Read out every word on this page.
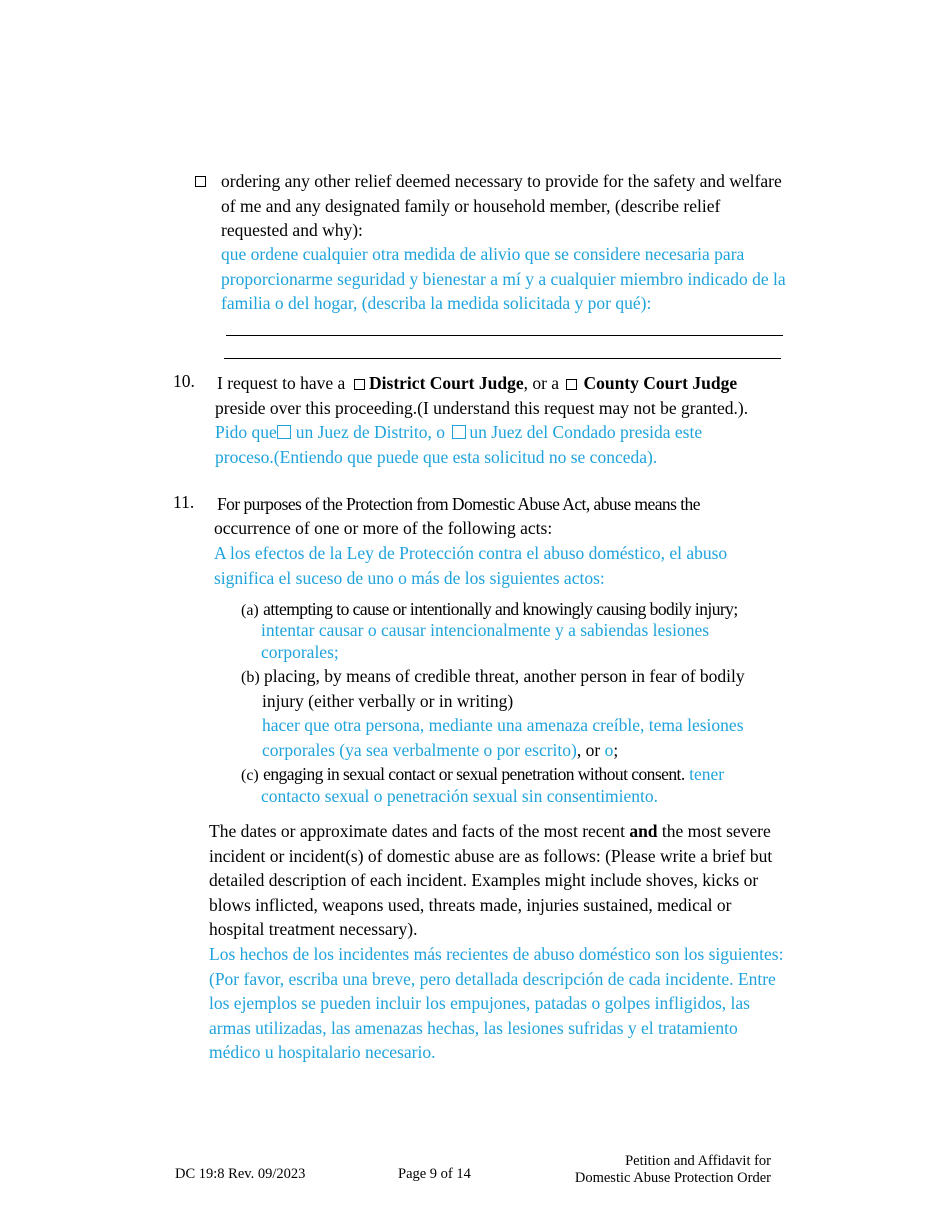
ordering any other relief deemed necessary to provide for the safety and welfare of me and any designated family or household member, (describe relief requested and why):
que ordene cualquier otra medida de alivio que se considere necesaria para proporcionarme seguridad y bienestar a mí y a cualquier miembro indicado de la familia o del hogar, (describa la medida solicitada y por qué):
10. I request to have a District Court Judge, or a County Court Judge
preside over this proceeding.(I understand this request may not be granted.).
Pido que un Juez de Distrito, o un Juez del Condado presida este
proceso.(Entiendo que puede que esta solicitud no se conceda).
11. For purposes of the Protection from Domestic Abuse Act, abuse means the
occurrence of one or more of the following acts:
A los efectos de la Ley de Protección contra el abuso doméstico, el abuso significa el suceso de uno o más de los siguientes actos:
(a) attempting to cause or intentionally and knowingly causing bodily injury;
intentar causar o causar intencionalmente y a sabiendas lesiones corporales;
(b) placing, by means of credible threat, another person in fear of bodily
injury (either verbally or in writing)
hacer que otra persona, mediante una amenaza creíble, tema lesiones
corporales (ya sea verbalmente o por escrito), or o;
(c) engaging in sexual contact or sexual penetration without consent. tener
contacto sexual o penetración sexual sin consentimiento.
The dates or approximate dates and facts of the most recent and the most severe incident or incident(s) of domestic abuse are as follows: (Please write a brief but detailed description of each incident. Examples might include shoves, kicks or blows inflicted, weapons used, threats made, injuries sustained, medical or hospital treatment necessary).
Los hechos de los incidentes más recientes de abuso doméstico son los siguientes: (Por favor, escriba una breve, pero detallada descripción de cada incidente. Entre los ejemplos se pueden incluir los empujones, patadas o golpes infligidos, las armas utilizadas, las amenazas hechas, las lesiones sufridas y el tratamiento médico u hospitalario necesario.
DC 19:8 Rev. 09/2023	Page 9 of 14
Petition and Affidavit for
Domestic Abuse Protection Order
